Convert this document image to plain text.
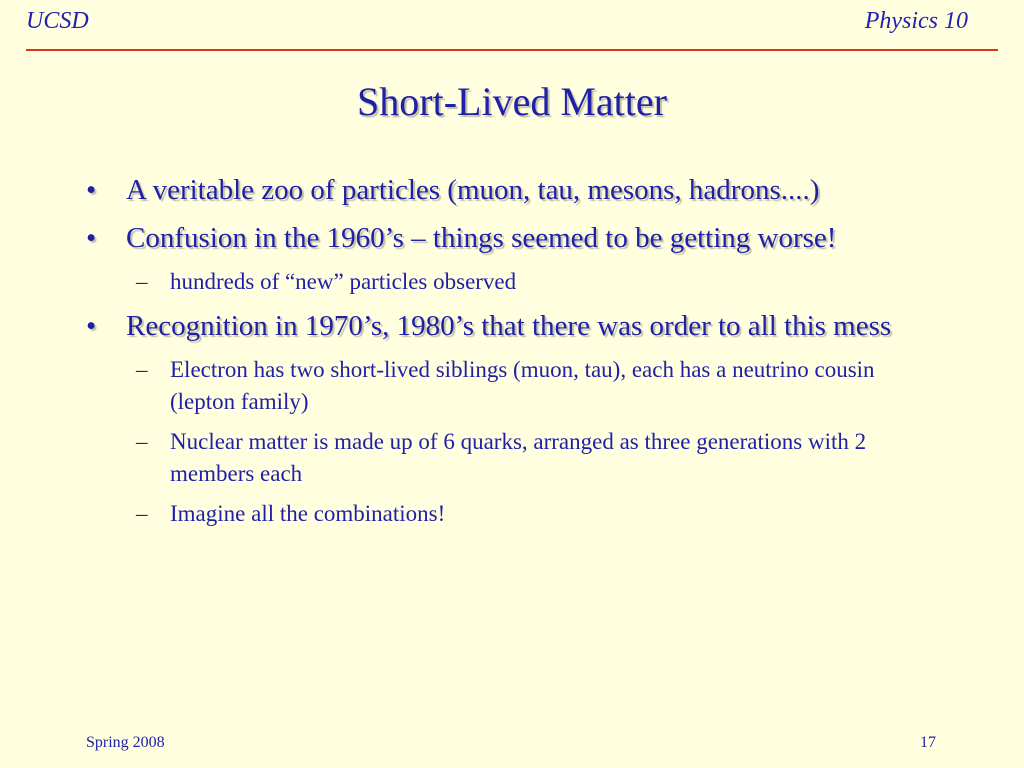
UCSD	Physics 10
Short-Lived Matter
•	A veritable zoo of particles (muon, tau, mesons, hadrons....)
•	Confusion in the 1960’s – things seemed to be getting worse!
– hundreds of “new” particles observed
•	Recognition in 1970’s, 1980’s that there was order to all this mess
– Electron has two short-lived siblings (muon, tau), each has a neutrino cousin (lepton family)
– Nuclear matter is made up of 6 quarks, arranged as three generations with 2 members each
– Imagine all the combinations!
Spring 2008	17
